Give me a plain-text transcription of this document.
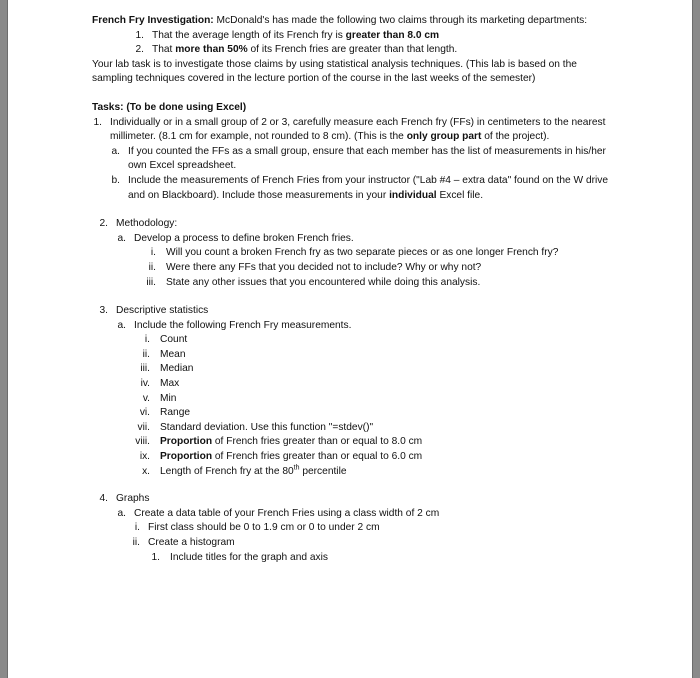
French Fry Investigation: McDonald's has made the following two claims through its marketing departments:

1. That the average length of its French fry is greater than 8.0 cm
2. That more than 50% of its French fries are greater than that length.

Your lab task is to investigate those claims by using statistical analysis techniques. (This lab is based on the sampling techniques covered in the lecture portion of the course in the last weeks of the semester)

Tasks: (To be done using Excel)

1. Individually or in a small group of 2 or 3, carefully measure each French fry (FFs) in centimeters to the nearest millimeter. (8.1 cm for example, not rounded to 8 cm). (This is the only group part of the project).
a. If you counted the FFs as a small group, ensure that each member has the list of measurements in his/her own Excel spreadsheet.
b. Include the measurements of French Fries from your instructor ("Lab #4 – extra data" found on the W drive and on Blackboard). Include those measurements in your individual Excel file.
2. Methodology:
a. Develop a process to define broken French fries.
i. Will you count a broken French fry as two separate pieces or as one longer French fry?
ii. Were there any FFs that you decided not to include? Why or why not?
iii. State any other issues that you encountered while doing this analysis.
3. Descriptive statistics
a. Include the following French Fry measurements.
i. Count
ii. Mean
iii. Median
iv. Max
v. Min
vi. Range
vii. Standard deviation. Use this function "=stdev()"
viii. Proportion of French fries greater than or equal to 8.0 cm
ix. Proportion of French fries greater than or equal to 6.0 cm
x. Length of French fry at the 80th percentile
4. Graphs
a. Create a data table of your French Fries using a class width of 2 cm
i. First class should be 0 to 1.9 cm or 0 to under 2 cm
ii. Create a histogram
1. Include titles for the graph and axis
